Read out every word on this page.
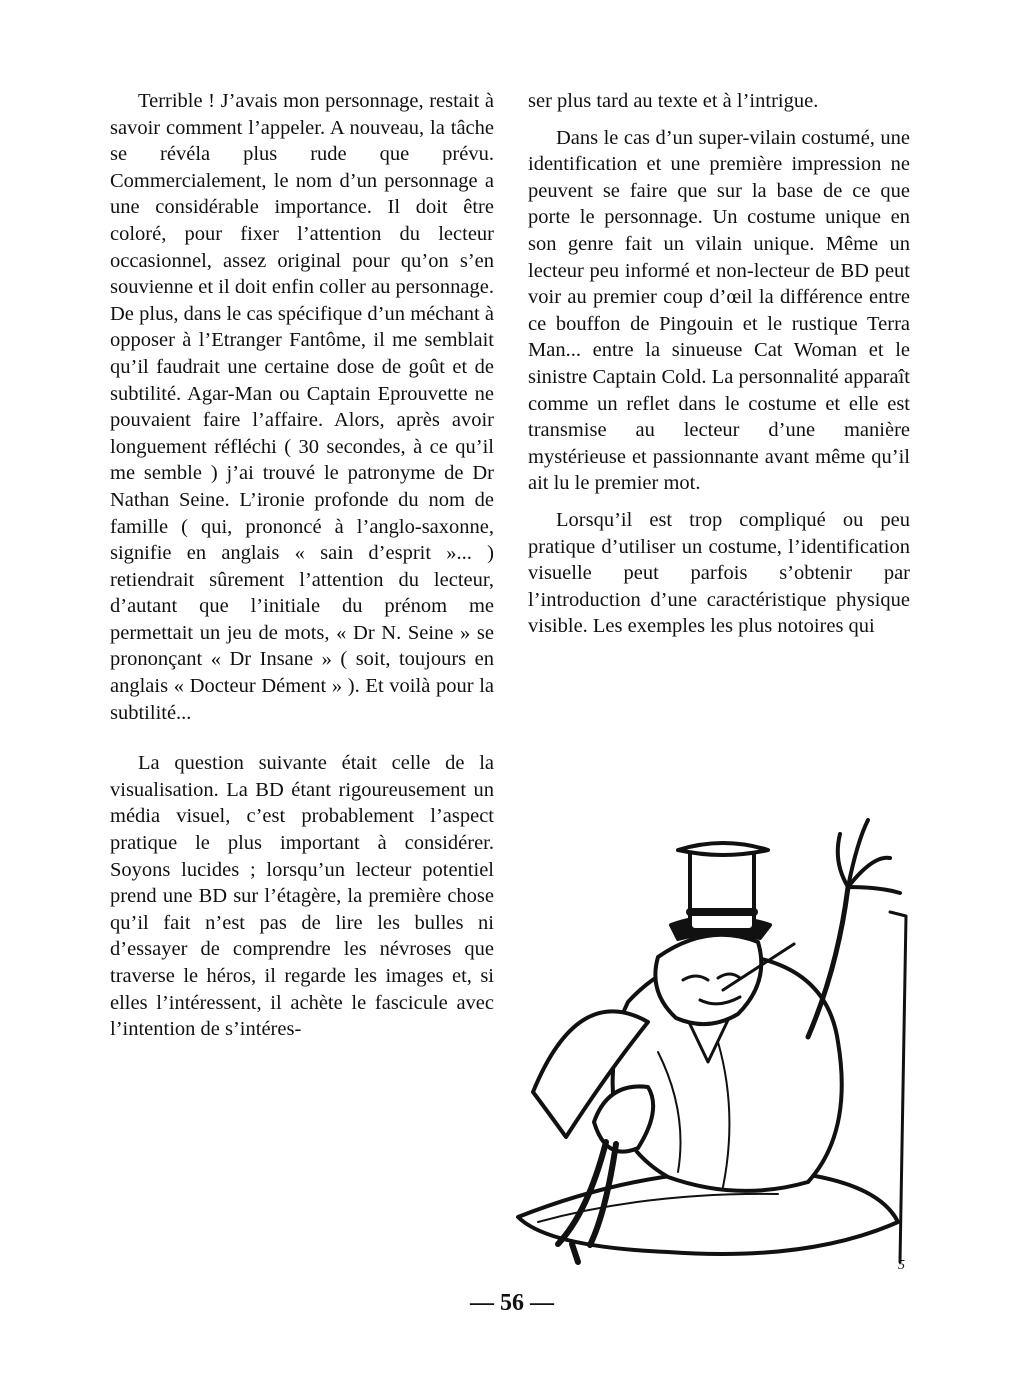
Terrible ! J’avais mon personnage, restait à savoir comment l’appeler. A nouveau, la tâche se révéla plus rude que prévu. Commercialement, le nom d’un personnage a une considérable importance. Il doit être coloré, pour fixer l’attention du lecteur occasionnel, assez original pour qu’on s’en souvienne et il doit enfin coller au personnage. De plus, dans le cas spécifique d’un méchant à opposer à l’Etranger Fantôme, il me semblait qu’il faudrait une certaine dose de goût et de subtilité. Agar-Man ou Captain Eprouvette ne pouvaient faire l’affaire. Alors, après avoir longuement réfléchi ( 30 secondes, à ce qu’il me semble ) j’ai trouvé le patronyme de Dr Nathan Seine. L’ironie profonde du nom de famille ( qui, prononcé à l’anglo-saxonne, signifie en anglais « sain d’esprit »... ) retiendrait sûrement l’attention du lecteur, d’autant que l’initiale du prénom me permettait un jeu de mots, « Dr N. Seine » se prononçant « Dr Insane » ( soit, toujours en anglais « Docteur Dément » ). Et voilà pour la subtilité...

La question suivante était celle de la visualisation. La BD étant rigoureusement un média visuel, c’est probablement l’aspect pratique le plus important à considérer. Soyons lucides ; lorsqu’un lecteur potentiel prend une BD sur l’étagère, la première chose qu’il fait n’est pas de lire les bulles ni d’essayer de comprendre les névroses que traverse le héros, il regarde les images et, si elles l’intéressent, il achète le fascicule avec l’intention de s’intéres-

ser plus tard au texte et à l’intrigue.

Dans le cas d’un super-vilain costumé, une identification et une première impression ne peuvent se faire que sur la base de ce que porte le personnage. Un costume unique en son genre fait un vilain unique. Même un lecteur peu informé et non-lecteur de BD peut voir au premier coup d’œil la différence entre ce bouffon de Pingouin et le rustique Terra Man... entre la sinueuse Cat Woman et le sinistre Captain Cold. La personnalité apparaît comme un reflet dans le costume et elle est transmise au lecteur d’une manière mystérieuse et passionnante avant même qu’il ait lu le premier mot.

Lorsqu’il est trop compliqué ou peu pratique d’utiliser un costume, l’identification visuelle peut parfois s’obtenir par l’introduction d’une caractéristique physique visible. Les exemples les plus notoires qui

5
— 56 —
